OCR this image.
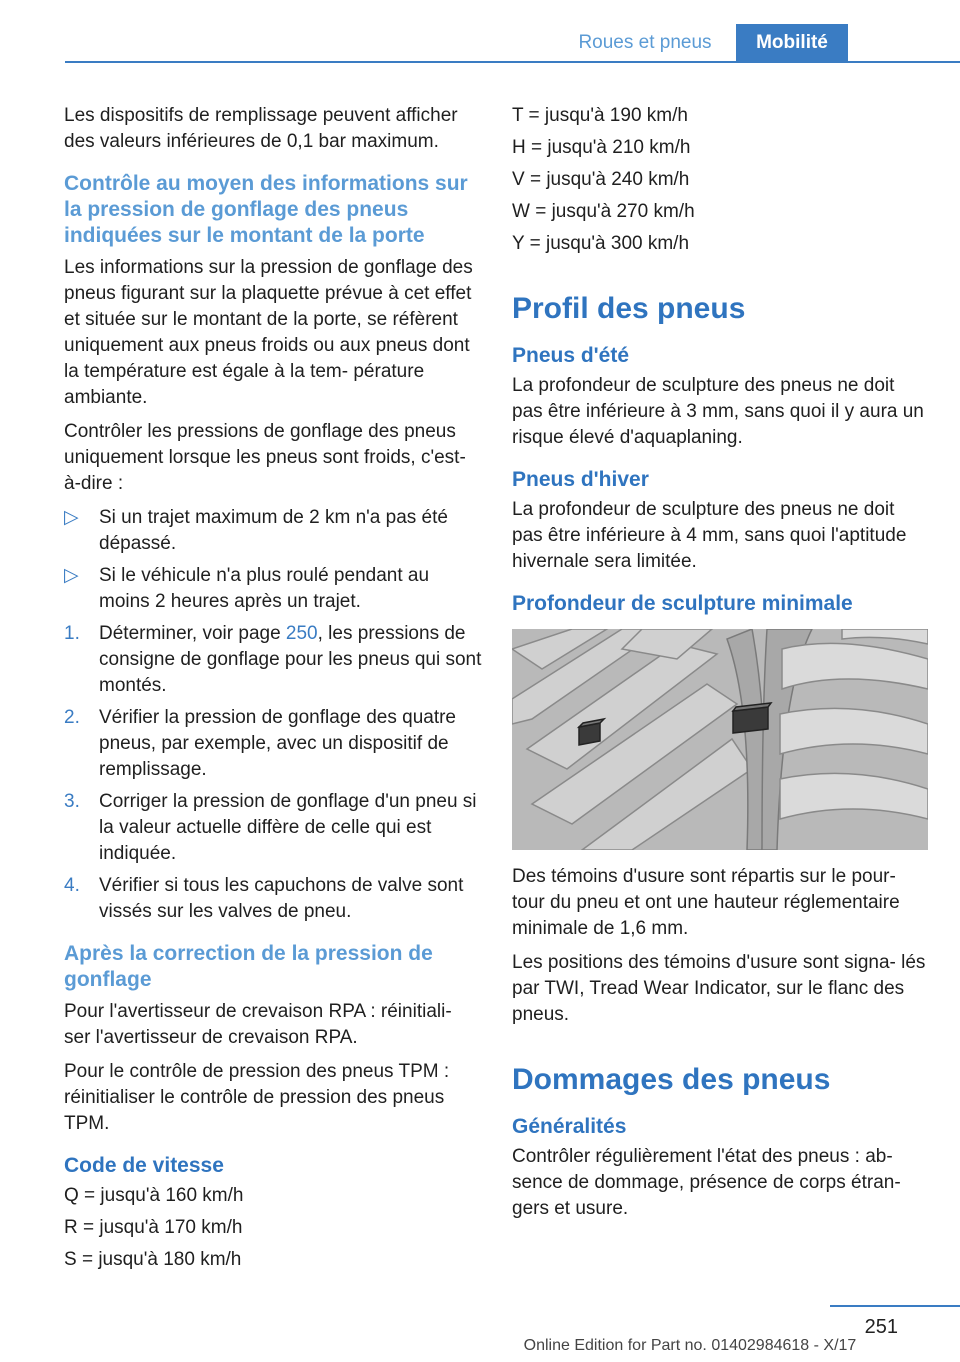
Roues et pneus	Mobilité

Les dispositifs de remplissage peuvent afficher des valeurs inférieures de 0,1 bar maximum.

Contrôle au moyen des informations sur la pression de gonflage des pneus indiquées sur le montant de la porte

Les informations sur la pression de gonflage des pneus figurant sur la plaquette prévue à cet effet et située sur le montant de la porte, se réfèrent uniquement aux pneus froids ou aux pneus dont la température est égale à la tem‐ pérature ambiante.

Contrôler les pressions de gonflage des pneus uniquement lorsque les pneus sont froids, c'est-à-dire :

▷	Si un trajet maximum de 2 km n'a pas été dépassé.
▷	Si le véhicule n'a plus roulé pendant au moins 2 heures après un trajet.
1.	Déterminer, voir page 250, les pressions de consigne de gonflage pour les pneus qui sont montés.
2.	Vérifier la pression de gonflage des quatre pneus, par exemple, avec un dispositif de remplissage.
3.	Corriger la pression de gonflage d'un pneu si la valeur actuelle diffère de celle qui est indiquée.
4.	Vérifier si tous les capuchons de valve sont vissés sur les valves de pneu.
Après la correction de la pression de gonflage

Pour l'avertisseur de crevaison RPA : réinitiali‐ ser l'avertisseur de crevaison RPA.

Pour le contrôle de pression des pneus TPM : réinitialiser le contrôle de pression des pneus TPM.

Code de vitesse
Q = jusqu'à 160 km/h
R = jusqu'à 170 km/h
S = jusqu'à 180 km/h
T = jusqu'à 190 km/h
H = jusqu'à 210 km/h
V = jusqu'à 240 km/h
W = jusqu'à 270 km/h
Y = jusqu'à 300 km/h
Profil des pneus
Pneus d'été

La profondeur de sculpture des pneus ne doit pas être inférieure à 3 mm, sans quoi il y aura un risque élevé d'aquaplaning.

Pneus d'hiver

La profondeur de sculpture des pneus ne doit pas être inférieure à 4 mm, sans quoi l'aptitude hivernale sera limitée.

Profondeur de sculpture minimale

Des témoins d'usure sont répartis sur le pour‐ tour du pneu et ont une hauteur réglementaire minimale de 1,6 mm.

Les positions des témoins d'usure sont signa‐ lés par TWI, Tread Wear Indicator, sur le flanc des pneus.

Dommages des pneus
Généralités

Contrôler régulièrement l'état des pneus : ab‐ sence de dommage, présence de corps étran‐ gers et usure.

251
Online Edition for Part no. 01402984618 - X/17
